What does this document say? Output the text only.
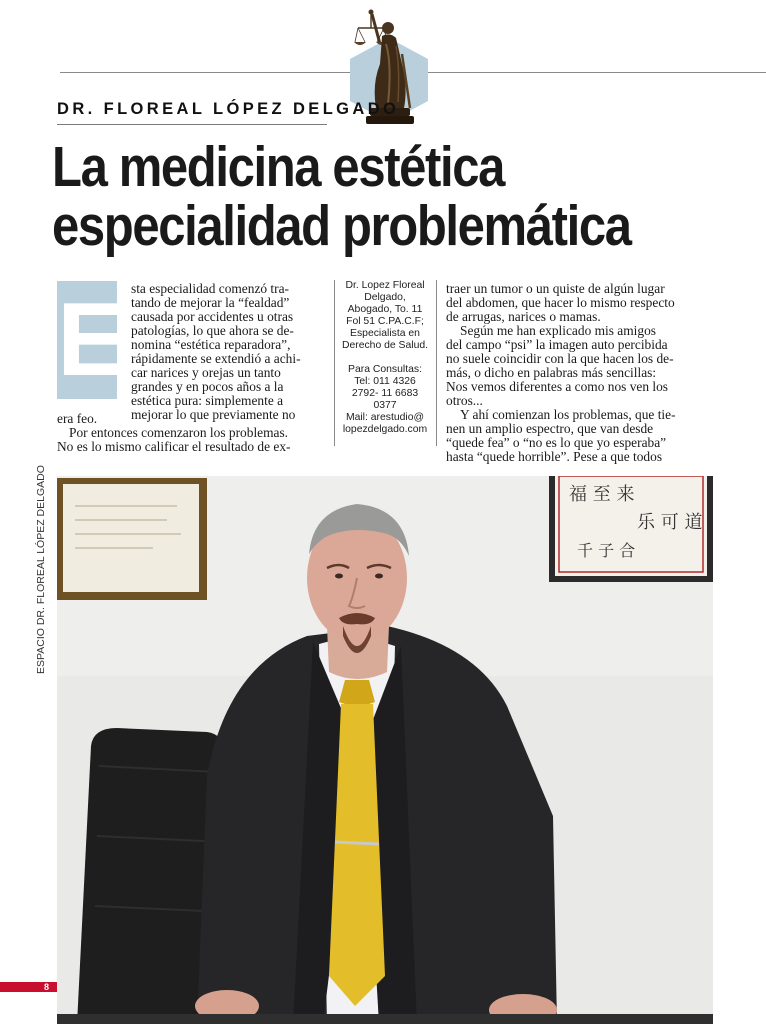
DR. FLOREAL LÓPEZ DELGADO
La medicina estética
especialidad problemática
E sta especialidad comenzó tra-
tando de mejorar la “fealdad”
causada por accidentes u otras
patologías, lo que ahora se de-
nomina “estética reparadora”,
rápidamente se extendió a achi-
car narices y orejas un tanto
grandes y en pocos años a la
estética pura: simplemente a
mejorar lo que previamente no
era feo.
Por entonces comenzaron los problemas.
No es lo mismo calificar el resultado de ex-
Dr. Lopez Floreal
Delgado,
Abogado, To. 11
Fol 51 C.PA.C.F;
Especialista en
Derecho de Salud.
Para Consultas:
Tel: 011 4326
2792- 11 6683
0377
Mail: arestudio@
lopezdelgado.com
traer un tumor o un quiste de algún lugar
del abdomen, que hacer lo mismo respecto
de arrugas, narices o mamas.
Según me han explicado mis amigos
del campo “psi” la imagen auto percibida
no suele coincidir con la que hacen los de-
más, o dicho en palabras más sencillas:
Nos vemos diferentes a como nos ven los
otros...
Y ahí comienzan los problemas, que tie-
nen un amplio espectro, que van desde
“quede fea” o “no es lo que yo esperaba”
hasta “quede horrible”. Pese a que todos
ESPACIO DR. FLOREAL LÓPEZ DELGADO	福 至 来
乐 可 道
千 子 合
8
